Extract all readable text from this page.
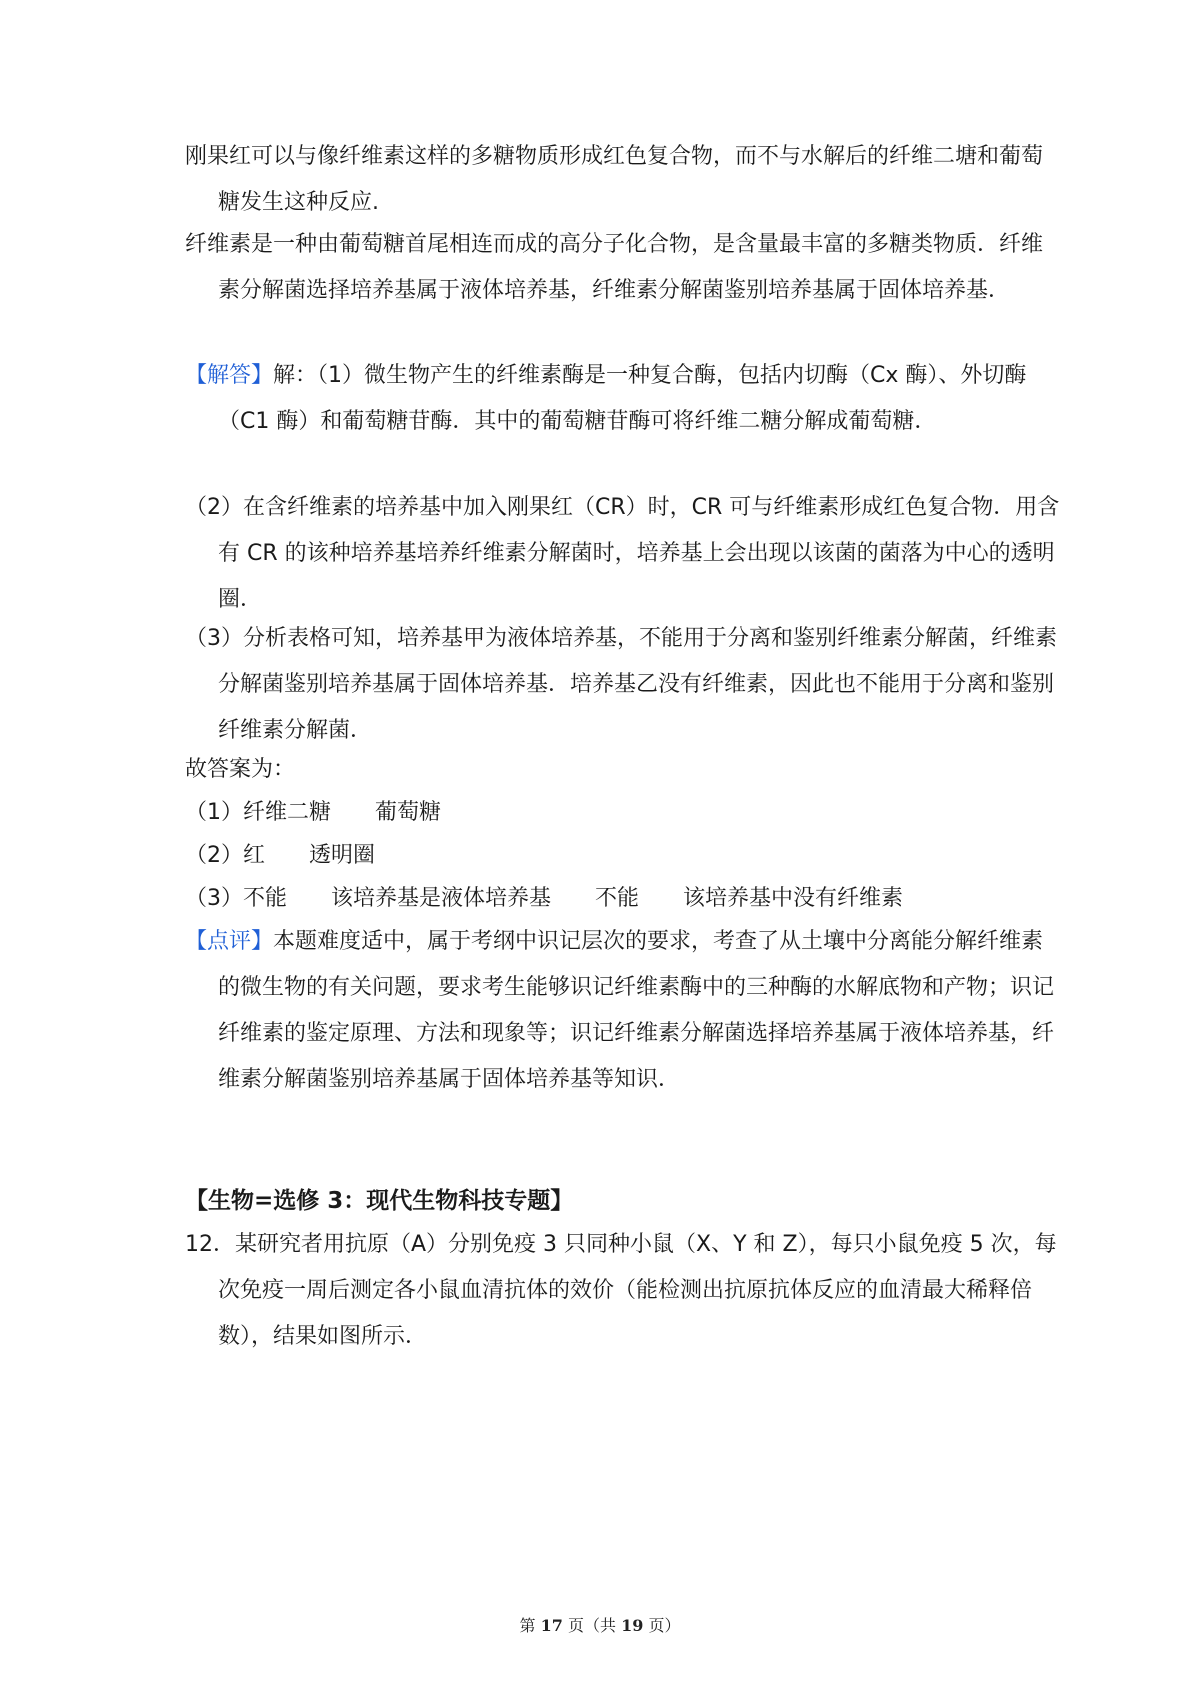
刚果红可以与像纤维素这样的多糖物质形成红色复合物，而不与水解后的纤维二塘和葡萄糖发生这种反应.

纤维素是一种由葡萄糖首尾相连而成的高分子化合物，是含量最丰富的多糖类物质．纤维素分解菌选择培养基属于液体培养基，纤维素分解菌鉴别培养基属于固体培养基．

【解答】解：（1）微生物产生的纤维素酶是一种复合酶，包括内切酶（Cx 酶）、外切酶（C1 酶）和葡萄糖苷酶．其中的葡萄糖苷酶可将纤维二糖分解成葡萄糖．

（2）在含纤维素的培养基中加入刚果红（CR）时，CR 可与纤维素形成红色复合物．用含有 CR 的该种培养基培养纤维素分解菌时，培养基上会出现以该菌的菌落为中心的透明圈．

（3）分析表格可知，培养基甲为液体培养基，不能用于分离和鉴别纤维素分解菌，纤维素分解菌鉴别培养基属于固体培养基．培养基乙没有纤维素，因此也不能用于分离和鉴别纤维素分解菌．

故答案为：
（1）纤维二糖　　葡萄糖
（2）红　　透明圈
（3）不能　　该培养基是液体培养基　　不能　　该培养基中没有纤维素

【点评】本题难度适中，属于考纲中识记层次的要求，考查了从土壤中分离能分解纤维素的微生物的有关问题，要求考生能够识记纤维素酶中的三种酶的水解底物和产物；识记纤维素的鉴定原理、方法和现象等；识记纤维素分解菌选择培养基属于液体培养基，纤维素分解菌鉴别培养基属于固体培养基等知识．

【生物=选修 3：现代生物科技专题】

12．某研究者用抗原（A）分别免疫 3 只同种小鼠（X、Y 和 Z），每只小鼠免疫 5 次，每次免疫一周后测定各小鼠血清抗体的效价（能检测出抗原抗体反应的血清最大稀释倍数），结果如图所示．

第 17 页（共 19 页）
